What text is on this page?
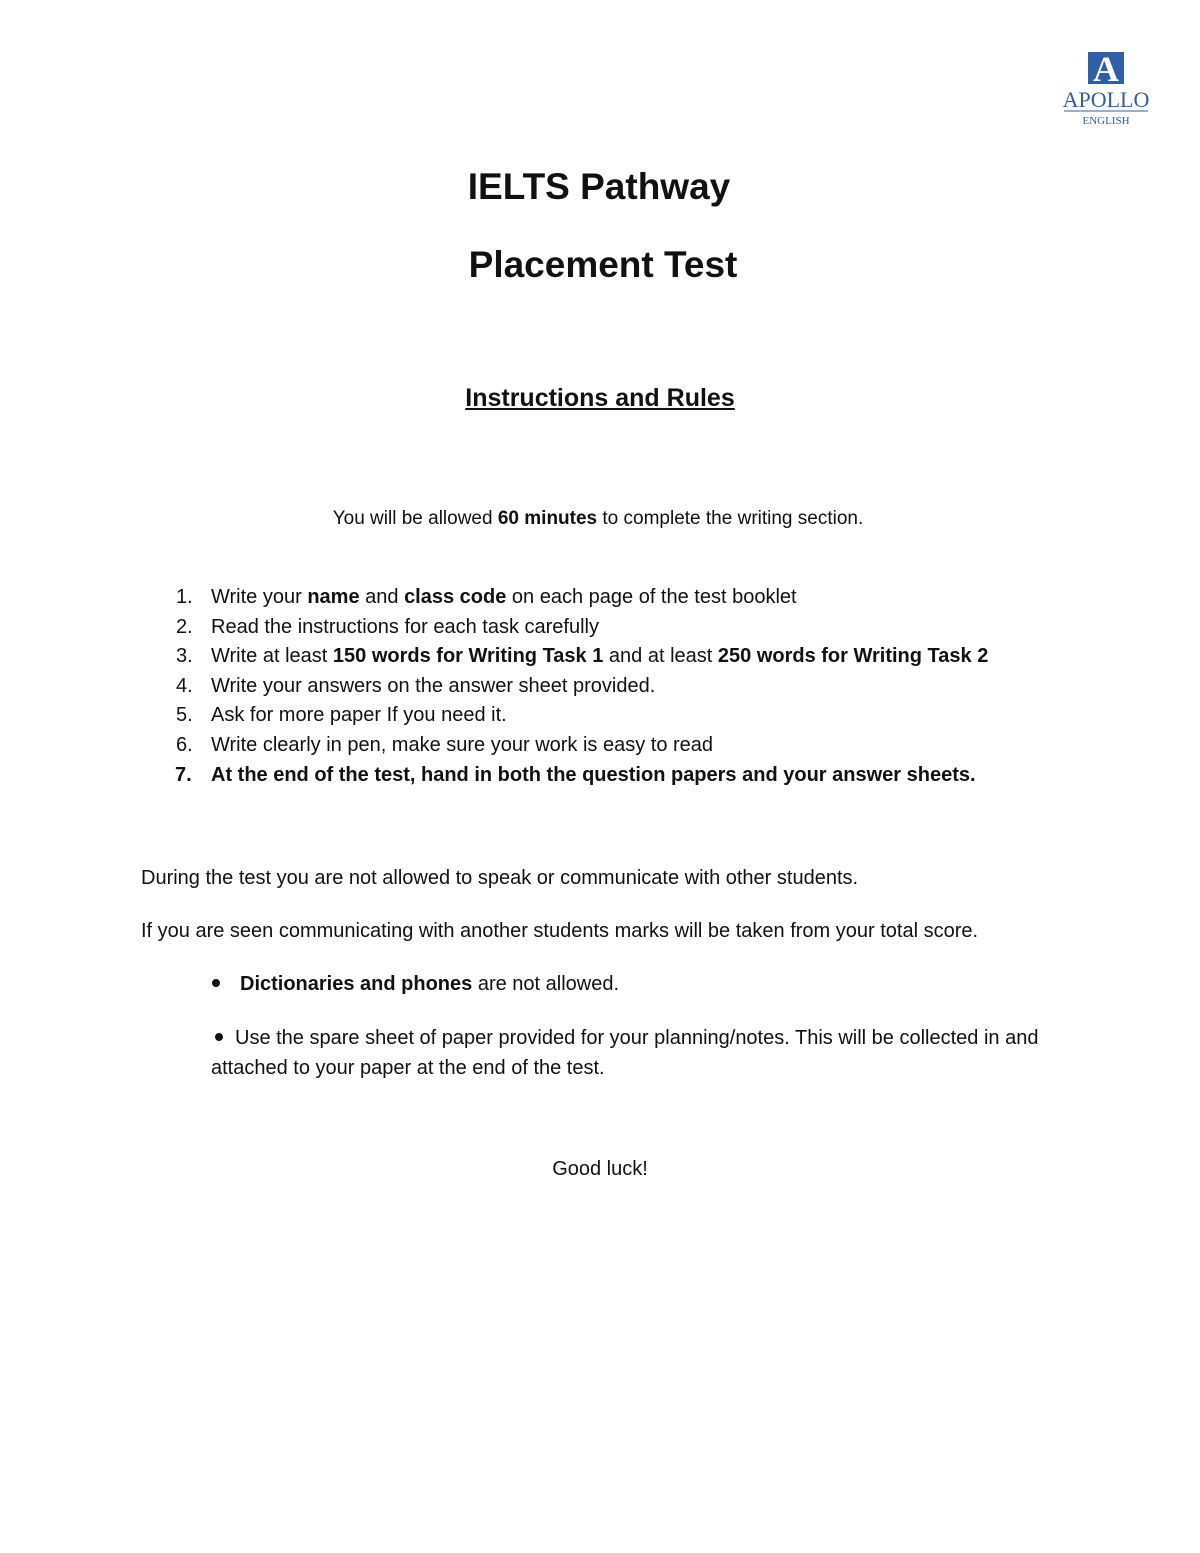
A
APOLLO
ENGLISH
IELTS Pathway
Placement Test
Instructions and Rules

You will be allowed 60 minutes to complete the writing section.

1. Write your name and class code on each page of the test booklet
2. Read the instructions for each task carefully
3. Write at least 150 words for Writing Task 1 and at least 250 words for Writing Task 2
4. Write your answers on the answer sheet provided.
5. Ask for more paper If you need it.
6. Write clearly in pen, make sure your work is easy to read
7. At the end of the test, hand in both the question papers and your answer sheets.

During the test you are not allowed to speak or communicate with other students.

If you are seen communicating with another students marks will be taken from your total score.

Dictionaries and phones are not allowed.

Use the spare sheet of paper provided for your planning/notes. This will be collected in and attached to your paper at the end of the test.

Good luck!
